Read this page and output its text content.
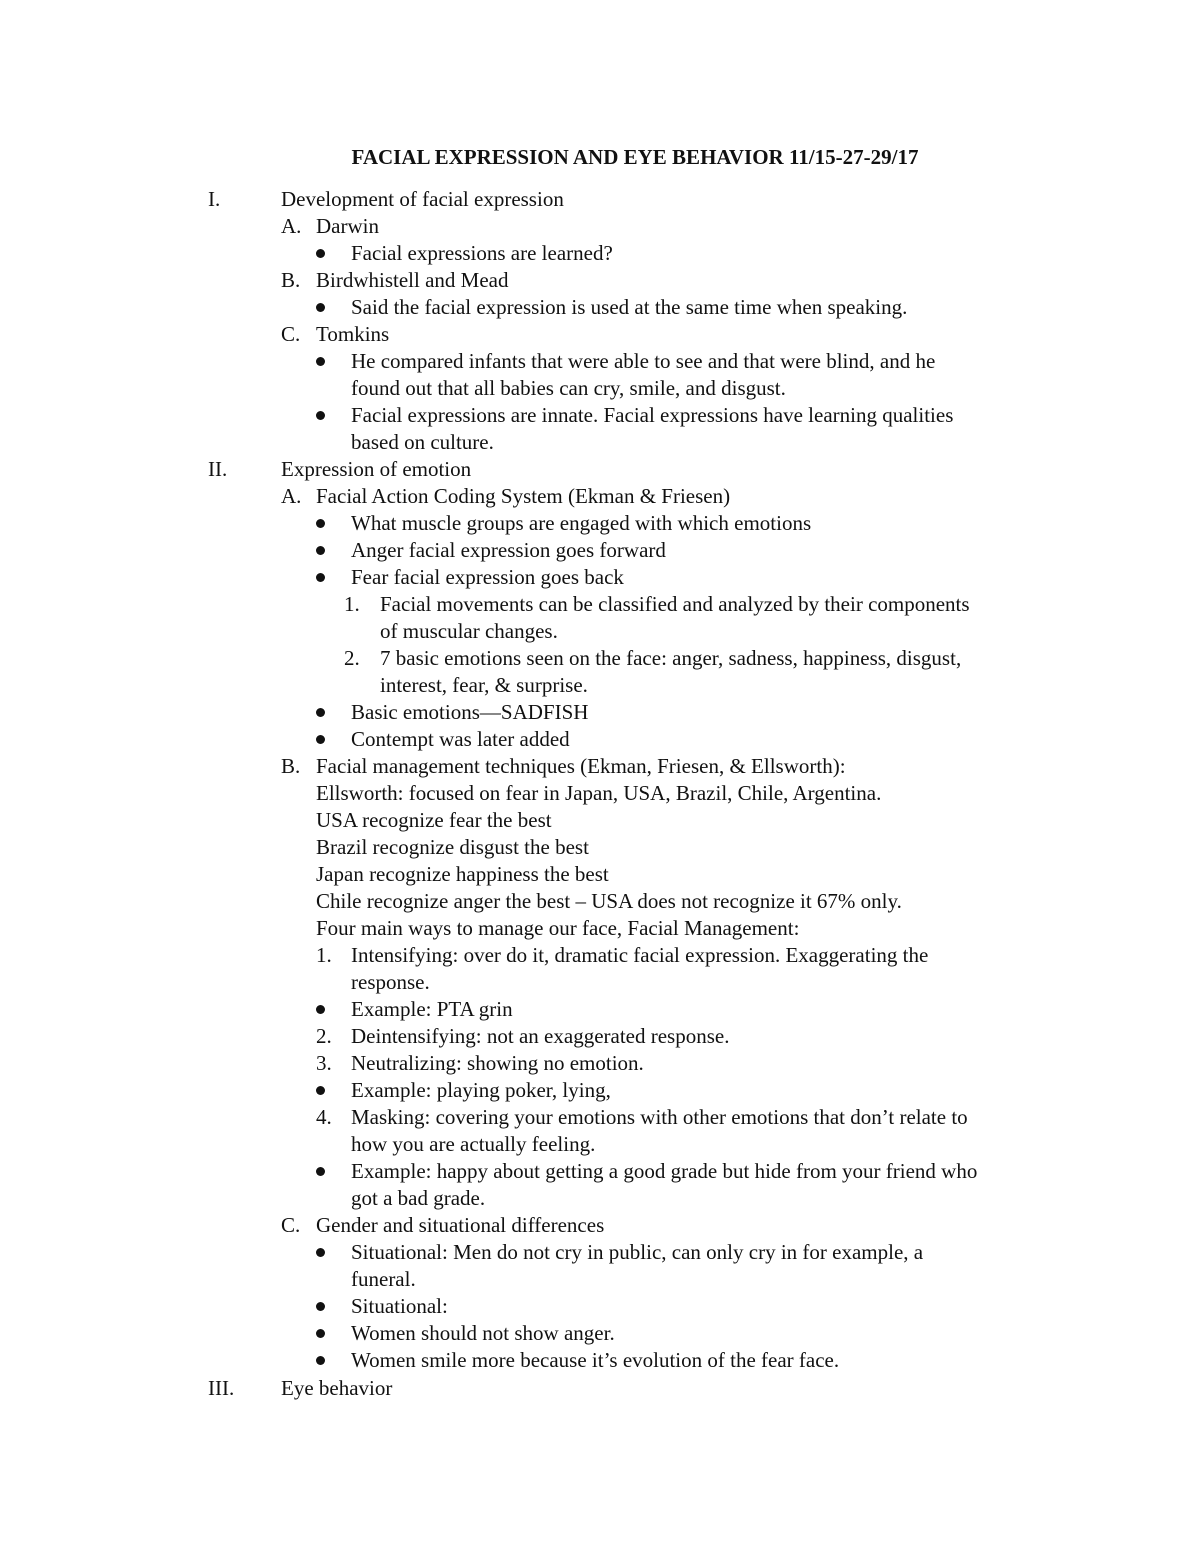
FACIAL EXPRESSION AND EYE BEHAVIOR 11/15-27-29/17
I.	Development of facial expression
A. Darwin
Facial expressions are learned?
B. Birdwhistell and Mead
Said the facial expression is used at the same time when speaking.
C. Tomkins
He compared infants that were able to see and that were blind, and he
found out that all babies can cry, smile, and disgust.
Facial expressions are innate. Facial expressions have learning qualities
based on culture.
II.	Expression of emotion
A. Facial Action Coding System (Ekman & Friesen)
What muscle groups are engaged with which emotions
Anger facial expression goes forward
Fear facial expression goes back
1. Facial movements can be classified and analyzed by their components
of muscular changes.
2. 7 basic emotions seen on the face: anger, sadness, happiness, disgust,
interest, fear, & surprise.
Basic emotions—SADFISH
Contempt was later added
B. Facial management techniques (Ekman, Friesen, & Ellsworth):
Ellsworth: focused on fear in Japan, USA, Brazil, Chile, Argentina.
USA recognize fear the best
Brazil recognize disgust the best
Japan recognize happiness the best
Chile recognize anger the best – USA does not recognize it 67% only.
Four main ways to manage our face, Facial Management:
1. Intensifying: over do it, dramatic facial expression. Exaggerating the
response.
Example: PTA grin
2. Deintensifying: not an exaggerated response.
3. Neutralizing: showing no emotion.
Example: playing poker, lying,
4. Masking: covering your emotions with other emotions that don’t relate to
how you are actually feeling.
Example: happy about getting a good grade but hide from your friend who
got a bad grade.
C. Gender and situational differences
Situational: Men do not cry in public, can only cry in for example, a
funeral.
Situational:
Women should not show anger.
Women smile more because it’s evolution of the fear face.
III. Eye behavior
